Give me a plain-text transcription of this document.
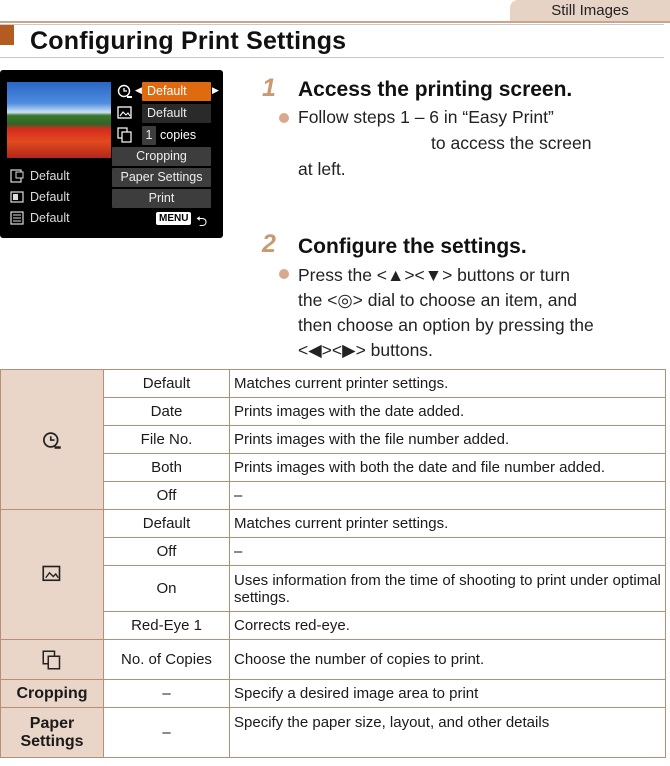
Still Images
Configuring Print Settings
Default	▶
◀
Default
1 copies
Cropping
Paper Settings
Print
Default
Default
Default	MENU ⮌
1 Access the printing screen.
Follow steps 1 – 6 in “Easy Print”
to access the screen
at left.
2 Configure the settings.
Press the <▲><▼> buttons or turn
the <◎> dial to choose an item, and
then choose an option by pressing the
<◀><▶> buttons.
	Default	Matches current printer settings.
	Date	Prints images with the date added.
	File No.	Prints images with the file number added.
	Both	Prints images with both the date and file number added.
	Off	–
	Default	Matches current printer settings.
	Off	–
	On	Uses information from the time of shooting to print under optimal settings.
	Red-Eye 1	Corrects red-eye.
	No. of Copies	Choose the number of copies to print.
Cropping	–	Specify a desired image area to print
Paper Settings	–	Specify the paper size, layout, and other details
